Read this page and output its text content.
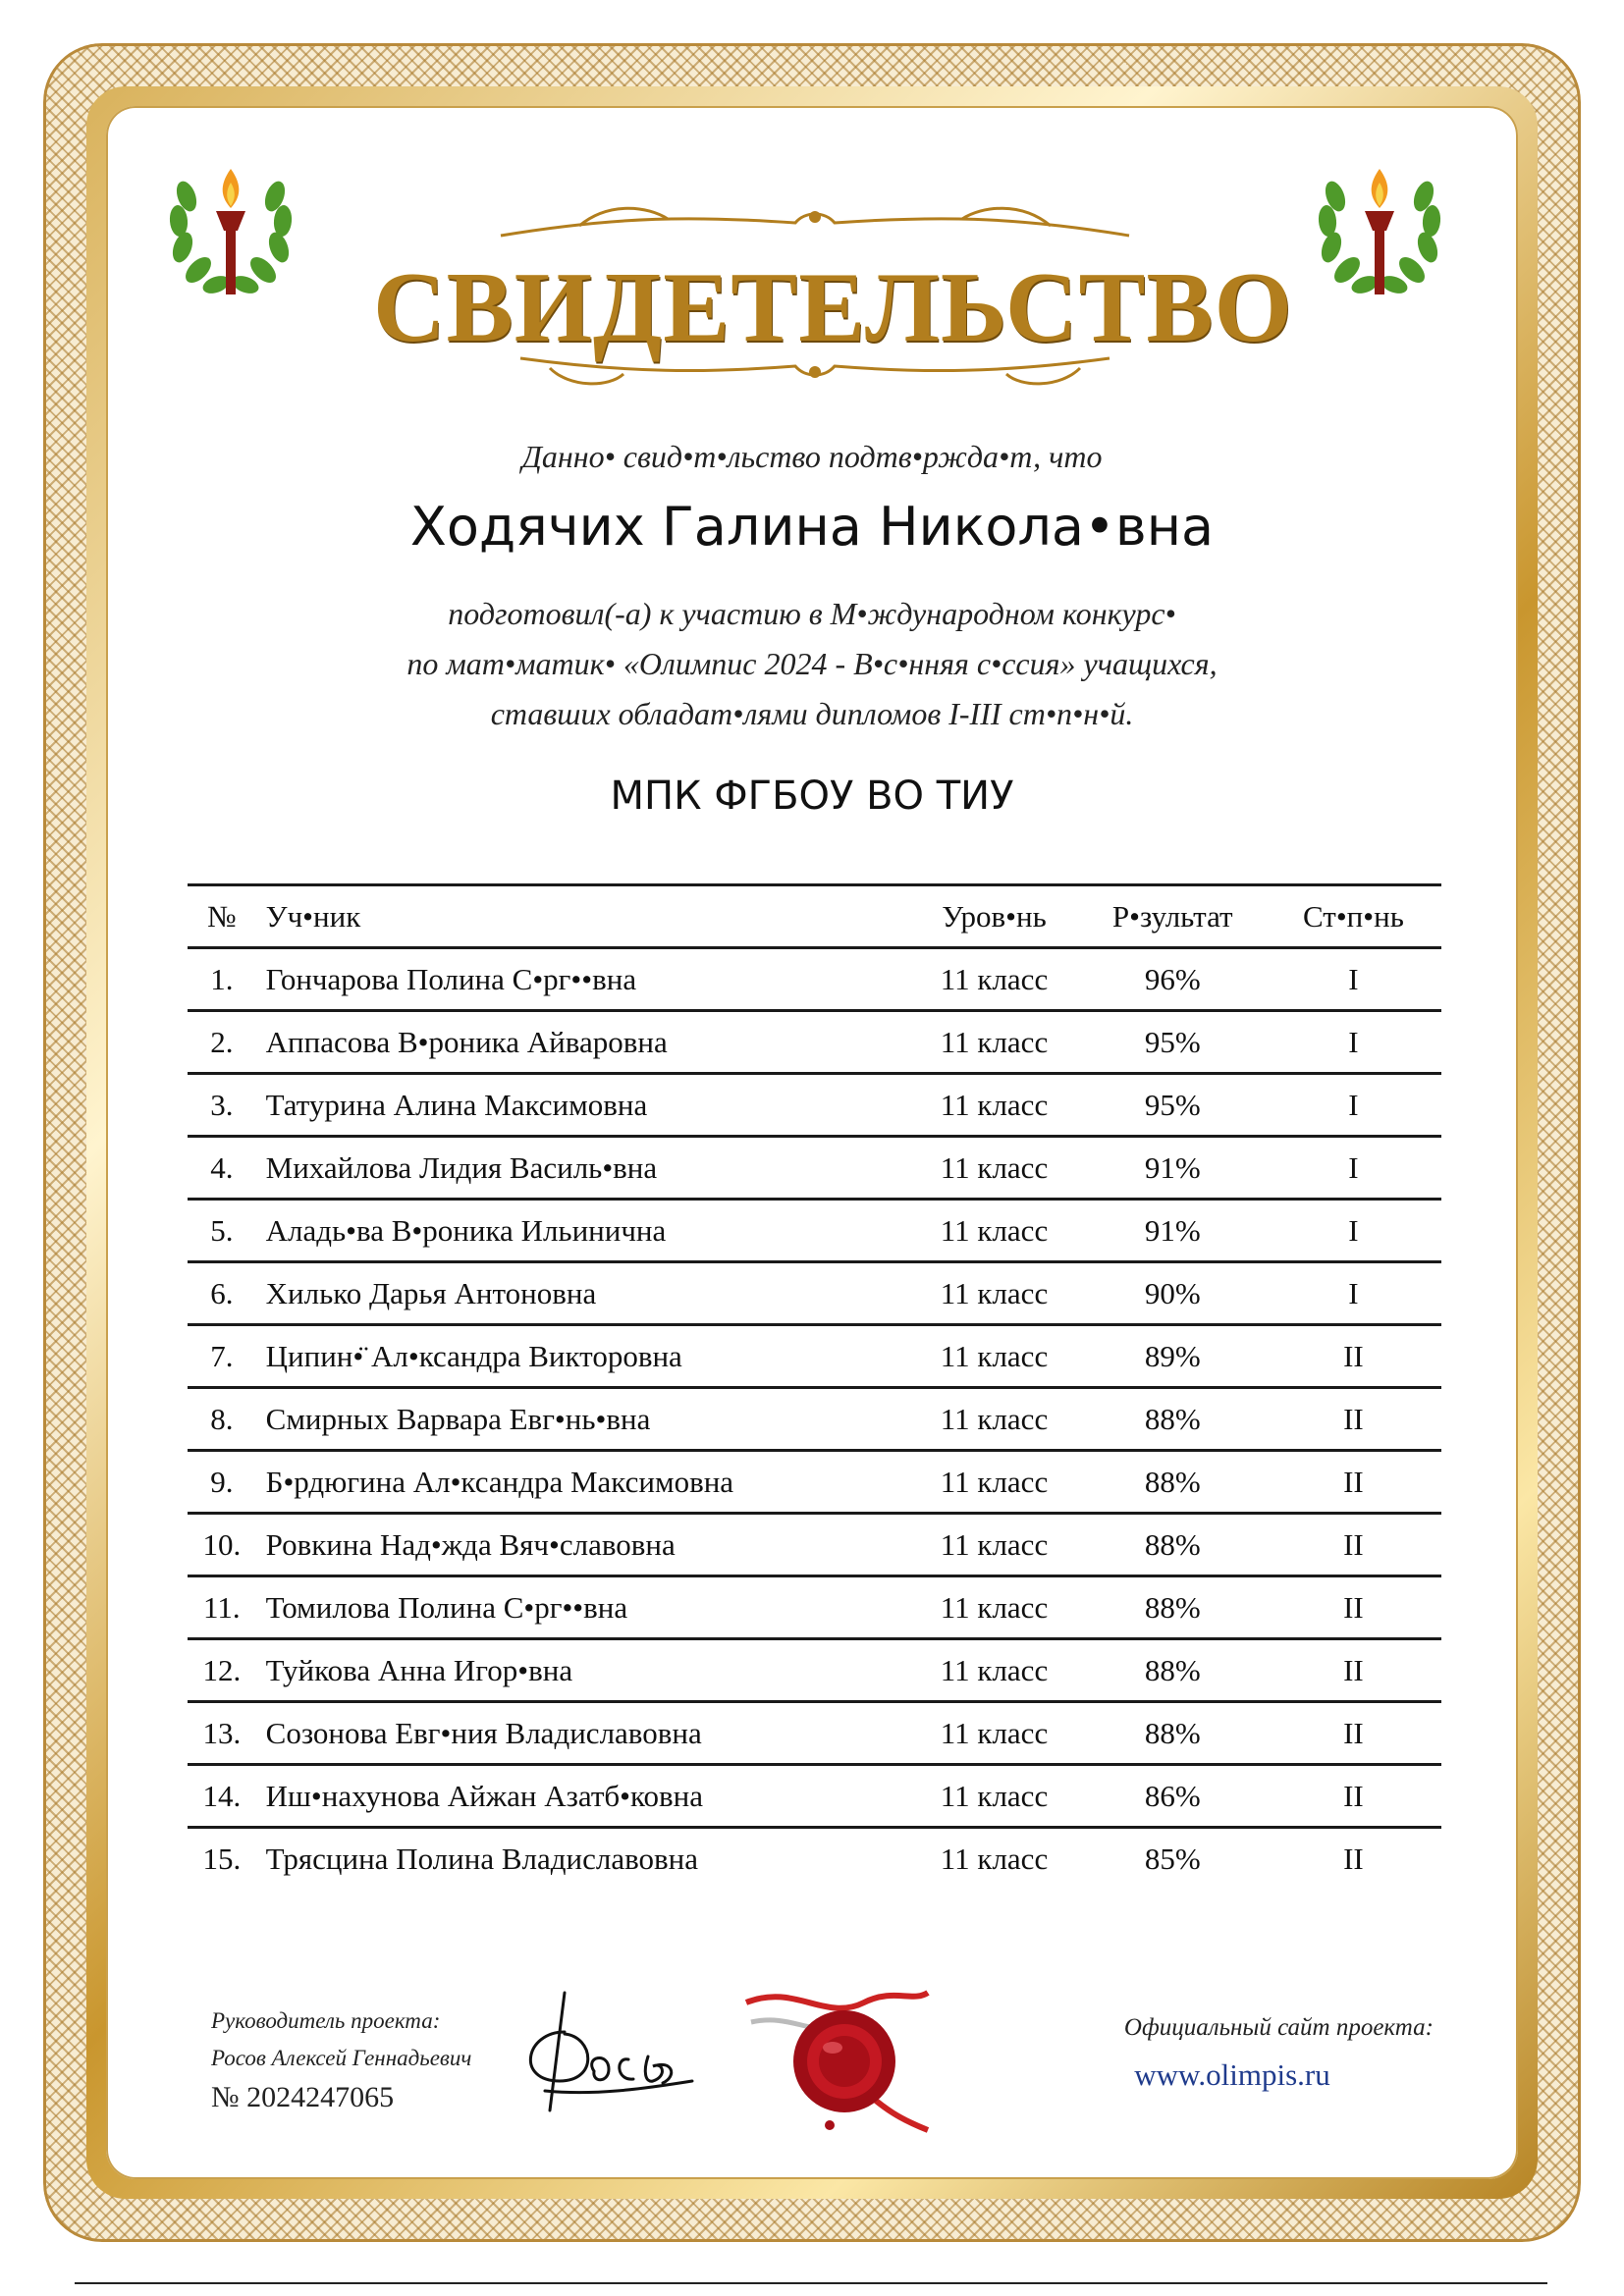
СВИДЕТЕЛЬСТВО
Данно• свид•т•льство подтв•ржда•т, что
Ходячих Галина Никола•вна
подготовил(-а) к участию в М•ждународном конкурс•
по мат•матик• «Олимпис 2024 - В•с•нняя с•ссия» учащихся,
ставших обладат•лями дипломов I-III ст•п•н•й.
МПК ФГБОУ ВО ТИУ
№	Уч•ник	Уров•нь	Р•зультат	Ст•п•нь
1.	Гончарова Полина С•рг••вна	11 класс	96%	I
2.	Аппасова В•роника Айваровна	11 класс	95%	I
3.	Татурина Алина Максимовна	11 класс	95%	I
4.	Михайлова Лидия Василь•вна	11 класс	91%	I
5.	Аладь•ва В•роника Ильинична	11 класс	91%	I
6.	Хилько Дарья Антоновна	11 класс	90%	I
7.	Ципин•̈ Ал•ксандра Викторовна	11 класс	89%	II
8.	Смирных Варвара Евг•нь•вна	11 класс	88%	II
9.	Б•рдюгина Ал•ксандра Максимовна	11 класс	88%	II
10.	Ровкина Над•жда Вяч•славовна	11 класс	88%	II
11.	Томилова Полина С•рг••вна	11 класс	88%	II
12.	Туйкова Анна Игор•вна	11 класс	88%	II
13.	Созонова Евг•ния Владиславовна	11 класс	88%	II
14.	Иш•нахунова Айжан Азатб•ковна	11 класс	86%	II
15.	Трясцина Полина Владиславовна	11 класс	85%	II
Руководитель проекта:
Росов Алексей Геннадьевич
№ 2024247065
Официальный сайт проекта:
www.olimpis.ru
